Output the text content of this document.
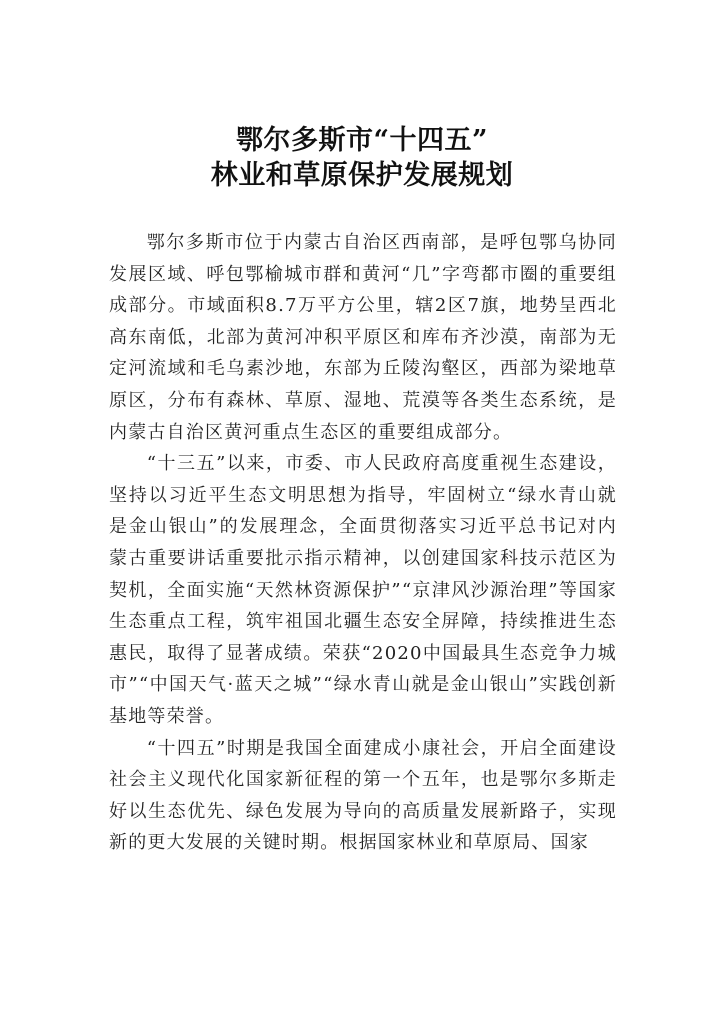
鄂尔多斯市“十四五”
林业和草原保护发展规划

鄂尔多斯市位于内蒙古自治区西南部，是呼包鄂乌协同发展区域、呼包鄂榆城市群和黄河“几”字弯都市圈的重要组成部分。市域面积8.7万平方公里，辖2区7旗，地势呈西北高东南低，北部为黄河冲积平原区和库布齐沙漠，南部为无定河流域和毛乌素沙地，东部为丘陵沟壑区，西部为梁地草原区，分布有森林、草原、湿地、荒漠等各类生态系统，是内蒙古自治区黄河重点生态区的重要组成部分。

“十三五”以来，市委、市人民政府高度重视生态建设，坚持以习近平生态文明思想为指导，牢固树立“绿水青山就是金山银山”的发展理念，全面贯彻落实习近平总书记对内蒙古重要讲话重要批示指示精神，以创建国家科技示范区为契机，全面实施“天然林资源保护”“京津风沙源治理”等国家生态重点工程，筑牢祖国北疆生态安全屏障，持续推进生态惠民，取得了显著成绩。荣获“2020中国最具生态竞争力城市”“中国天气·蓝天之城”“绿水青山就是金山银山”实践创新基地等荣誉。

“十四五”时期是我国全面建成小康社会，开启全面建设社会主义现代化国家新征程的第一个五年，也是鄂尔多斯走好以生态优先、绿色发展为导向的高质量发展新路子，实现新的更大发展的关键时期。根据国家林业和草原局、国家
